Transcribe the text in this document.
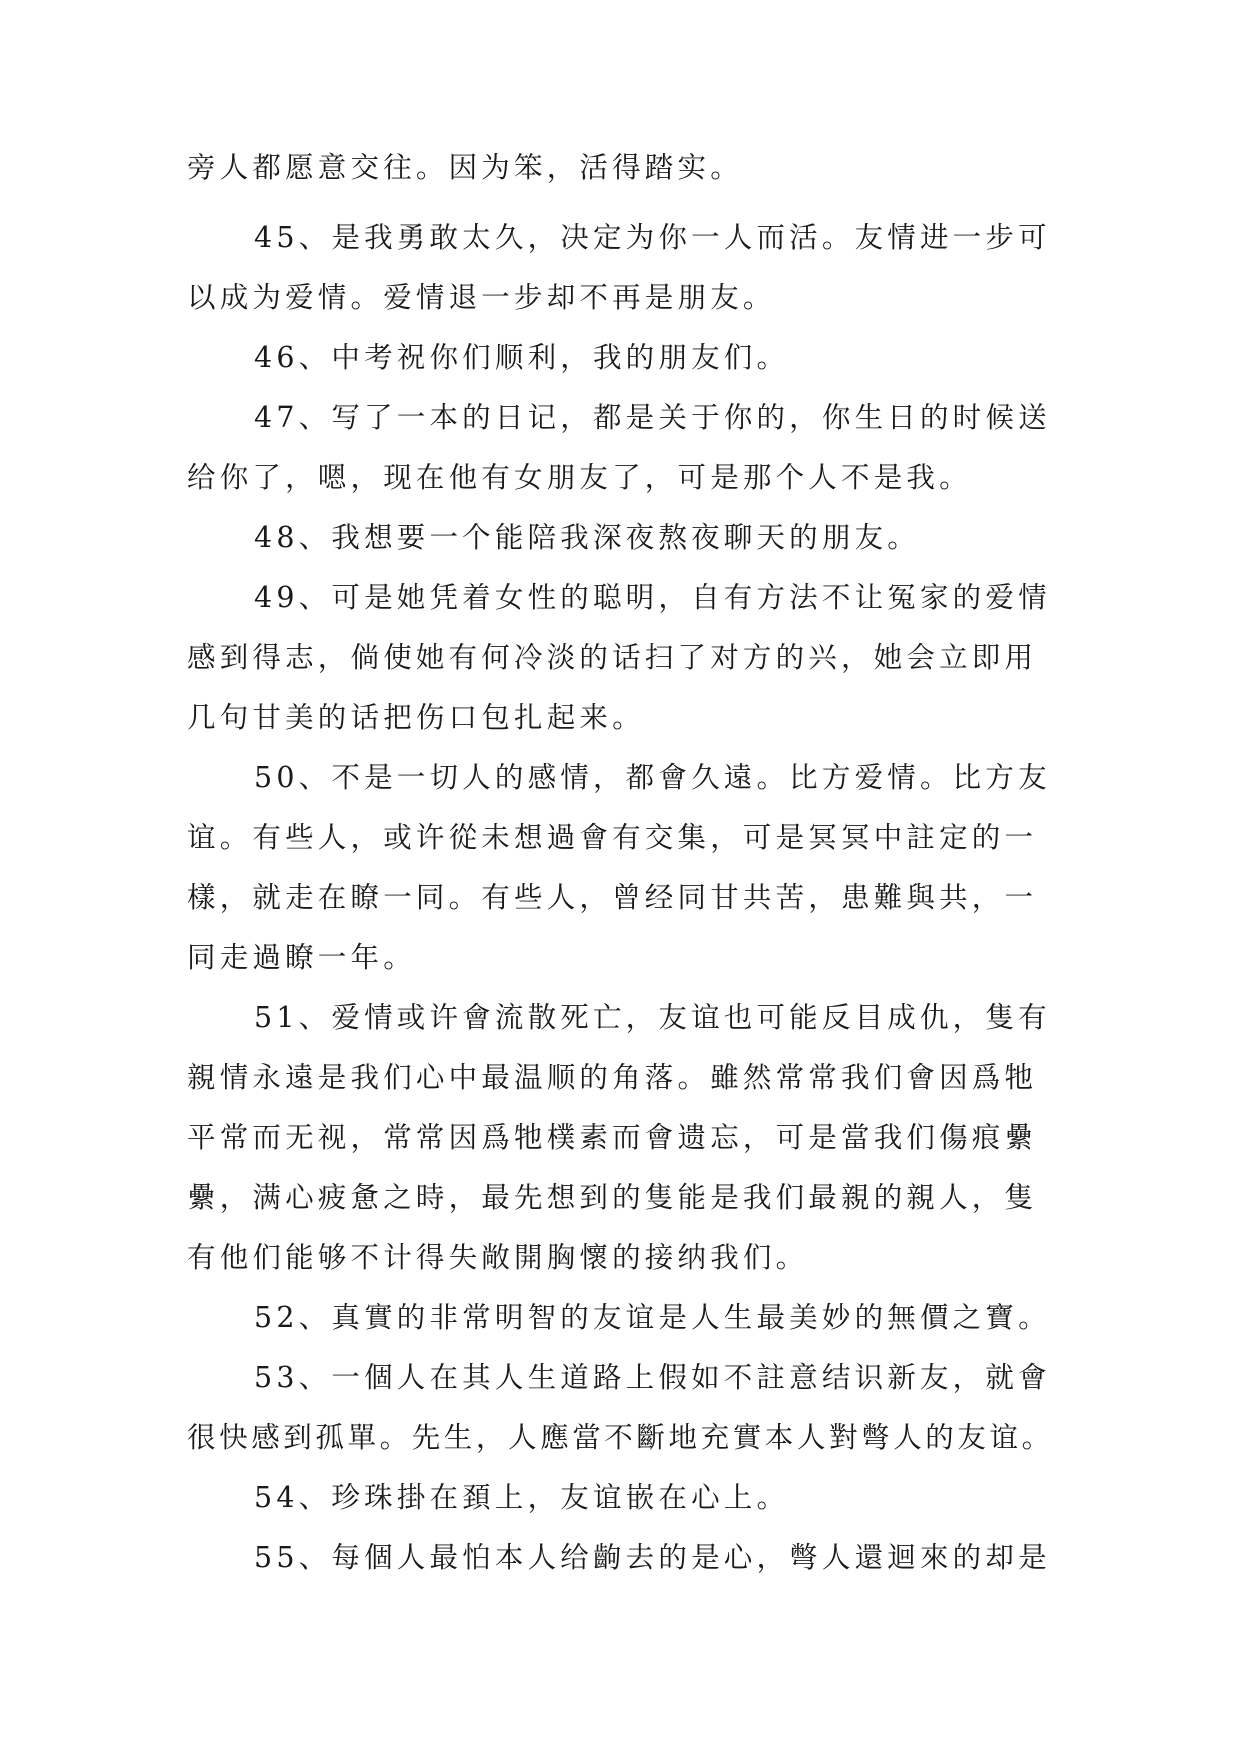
旁人都愿意交往。因为笨，活得踏实。
45、是我勇敢太久，决定为你一人而活。友情进一步可
以成为爱情。爱情退一步却不再是朋友。
46、中考祝你们顺利，我的朋友们。
47、写了一本的日记，都是关于你的，你生日的时候送
给你了，嗯，现在他有女朋友了，可是那个人不是我。
48、我想要一个能陪我深夜熬夜聊天的朋友。
49、可是她凭着女性的聪明，自有方法不让冤家的爱情
感到得志，倘使她有何冷淡的话扫了对方的兴，她会立即用
几句甘美的话把伤口包扎起来。
50、不是一切人的感情，都會久遠。比方爱情。比方友
谊。有些人，或许從未想過會有交集，可是冥冥中註定的一
樣，就走在瞭一同。有些人，曾经同甘共苦，患難與共，一
同走過瞭一年。
51、爱情或许會流散死亡，友谊也可能反目成仇，隻有
親情永遠是我们心中最温顺的角落。雖然常常我们會因爲牠
平常而无视，常常因爲牠樸素而會遗忘，可是當我们傷痕纍
纍，满心疲惫之時，最先想到的隻能是我们最親的親人，隻
有他们能够不计得失敞開胸懷的接纳我们。
52、真實的非常明智的友谊是人生最美妙的無價之寶。
53、一個人在其人生道路上假如不註意结识新友，就會
很快感到孤單。先生，人應當不斷地充實本人對彆人的友谊。
54、珍珠掛在頚上，友谊嵌在心上。
55、每個人最怕本人给齣去的是心，彆人還迴來的却是
